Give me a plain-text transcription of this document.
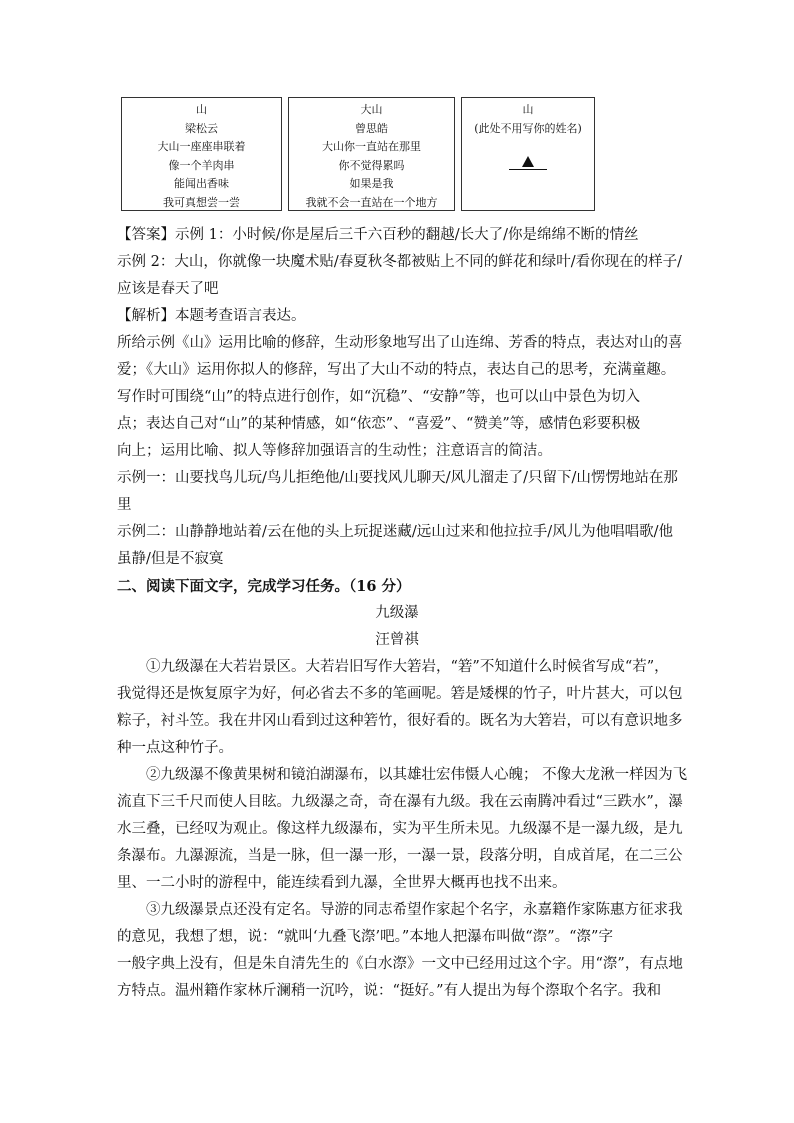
山
梁松云
大山一座座串联着
像一个羊肉串
能闻出香味
我可真想尝一尝
大山
曾思皓
大山你一直站在那里
你不觉得累吗
如果是我
我就不会一直站在一个地方
山
(此处不用写你的姓名)
【答案】示例 1：小时候/你是屋后三千六百秒的翻越/长大了/你是绵绵不断的情丝
示例 2：大山，你就像一块魔术贴/春夏秋冬都被贴上不同的鲜花和绿叶/看你现在的样子/
应该是春天了吧
【解析】本题考查语言表达。
所给示例《山》运用比喻的修辞，生动形象地写出了山连绵、芳香的特点，表达对山的喜
爱；《大山》运用你拟人的修辞，写出了大山不动的特点，表达自己的思考，充满童趣。
写作时可围绕“山”的特点进行创作，如“沉稳”、“安静”等，也可以山中景色为切入
点；表达自己对“山”的某种情感，如“依恋”、“喜爱”、“赞美”等，感情色彩要积极
向上；运用比喻、拟人等修辞加强语言的生动性；注意语言的简洁。
示例一：山要找鸟儿玩/鸟儿拒绝他/山要找风儿聊天/风儿溜走了/只留下/山愣愣地站在那
里
示例二：山静静地站着/云在他的头上玩捉迷藏/远山过来和他拉拉手/风儿为他唱唱歌/他
虽静/但是不寂寞
二、阅读下面文字，完成学习任务。（16 分）
九级瀑
汪曾祺
①九级瀑在大若岩景区。大若岩旧写作大箬岩，“箬”不知道什么时候省写成“若”，
我觉得还是恢复原字为好，何必省去不多的笔画呢。箬是矮棵的竹子，叶片甚大，可以包
粽子，衬斗笠。我在井冈山看到过这种箬竹，很好看的。既名为大箬岩，可以有意识地多
种一点这种竹子。
②九级瀑不像黄果树和镜泊湖瀑布，以其雄壮宏伟慑人心魄； 不像大龙湫一样因为飞
流直下三千尺而使人目眩。九级瀑之奇，奇在瀑有九级。我在云南腾冲看过“三跌水”，瀑
水三叠，已经叹为观止。像这样九级瀑布，实为平生所未见。九级瀑不是一瀑九级，是九
条瀑布。九瀑源流，当是一脉，但一瀑一形，一瀑一景，段落分明，自成首尾，在二三公
里、一二小时的游程中，能连续看到九瀑，全世界大概再也找不出来。
③九级瀑景点还没有定名。导游的同志希望作家起个名字，永嘉籍作家陈惠方征求我
的意见，我想了想，说：“就叫‘九叠飞漈’吧。”本地人把瀑布叫做“漈”。“漈”字
一般字典上没有，但是朱自清先生的《白水漈》一文中已经用过这个字。用“漈”，有点地
方特点。温州籍作家林斤澜稍一沉吟，说：“挺好。”有人提出为每个漈取个名字。我和
